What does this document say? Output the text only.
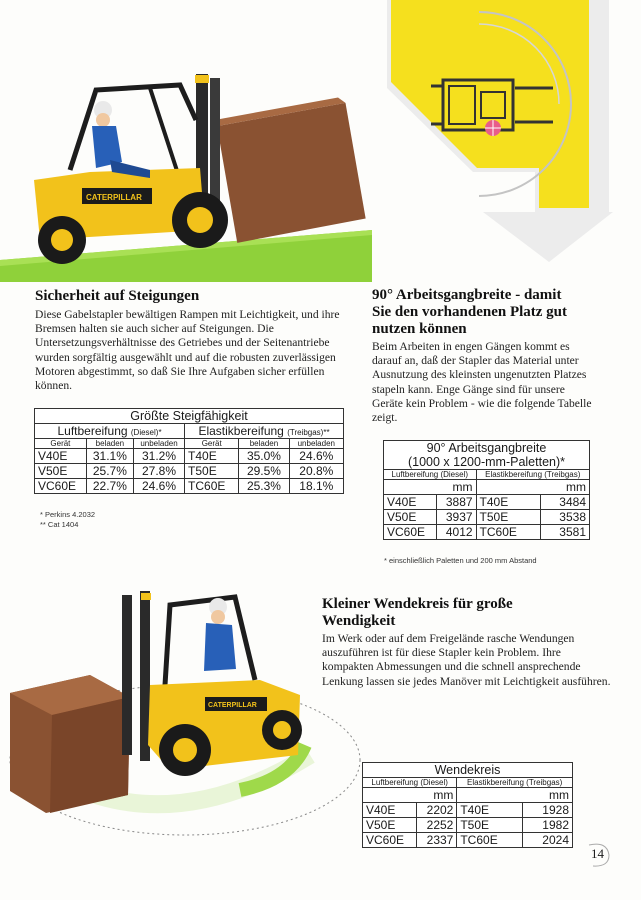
CATERPILLAR
Sicherheit auf Steigungen
Diese Gabelstapler bewältigen Rampen mit Leichtigkeit, und ihre Bremsen halten sie auch sicher auf Steigungen. Die Untersetzungsverhältnisse des Getriebes und der Seitenantriebe wurden sorgfältig ausgewählt und auf die robusten zuverlässigen Motoren abgestimmt, so daß Sie Ihre Aufgaben sicher erfüllen können.
Größte Steigfähigkeit					
Luftbereifung (Diesel)*			Elastikbereifung (Treibgas)**		
Gerät	beladen	unbeladen	Gerät	beladen	unbeladen
V40E	31.1%	31.2%	T40E	35.0%	24.6%
V50E	25.7%	27.8%	T50E	29.5%	20.8%
VC60E	22.7%	24.6%	TC60E	25.3%	18.1%
* Perkins 4.2032
** Cat 1404
90° Arbeitsgangbreite - damit
Sie den vorhandenen Platz gut
nutzen können
Beim Arbeiten in engen Gängen kommt es darauf an, daß der Stapler das Material unter Ausnutzung des kleinsten ungenutzten Platzes stapeln kann. Enge Gänge sind für unsere Geräte kein Problem - wie die folgende Tabelle zeigt.
90° Arbeitsgangbreite
(1000 x 1200-mm-Paletten)*			

Luftbereifung (Diesel)		Elastikbereifung (Treibgas)	
mm		mm	
V40E	3887	T40E	3484
V50E	3937	T50E	3538
VC60E	4012	TC60E	3581
* einschließlich Paletten und 200 mm Abstand
CATERPILLAR
Kleiner Wendekreis für große
Wendigkeit
Im Werk oder auf dem Freigelände rasche Wendungen auszuführen ist für diese Stapler kein Problem. Ihre kompakten Abmessungen und die schnell ansprechende Lenkung lassen sie jedes Manöver mit Leichtigkeit ausführen.
Wendekreis			
Luftbereifung (Diesel)		Elastikbereifung (Treibgas)	
mm		mm	
V40E	2202	T40E	1928
V50E	2252	T50E	1982
VC60E	2337	TC60E	2024
14
